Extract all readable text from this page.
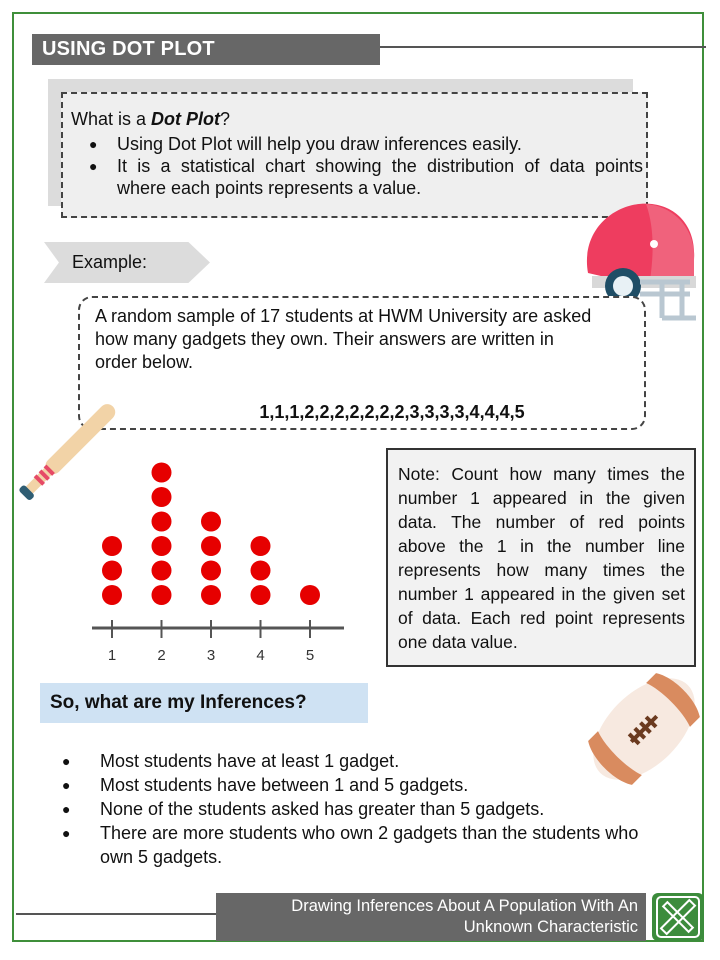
USING DOT PLOT
What is a Dot Plot?
● Using Dot Plot will help you draw inferences easily.
● It is a statistical chart showing the distribution of data points where each points represents a value.
Example:
A random sample of 17 students at HWM University are asked how many gadgets they own. Their answers are written in order below.
1,1,1,2,2,2,2,2,2,2,3,3,3,3,4,4,4,5
1	2	3	4	5
Note: Count how many times the number 1 appeared in the given data. The number of red points above the 1 in the number line represents how many times the number 1 appeared in the given set of data. Each red point represents one data value.
So, what are my Inferences?
● Most students have at least 1 gadget.
● Most students have between 1 and 5 gadgets.
● None of the students asked has greater than 5 gadgets.
● There are more students who own 2 gadgets than the students who own 5 gadgets.
Drawing Inferences About A Population With An
Unknown Characteristic
